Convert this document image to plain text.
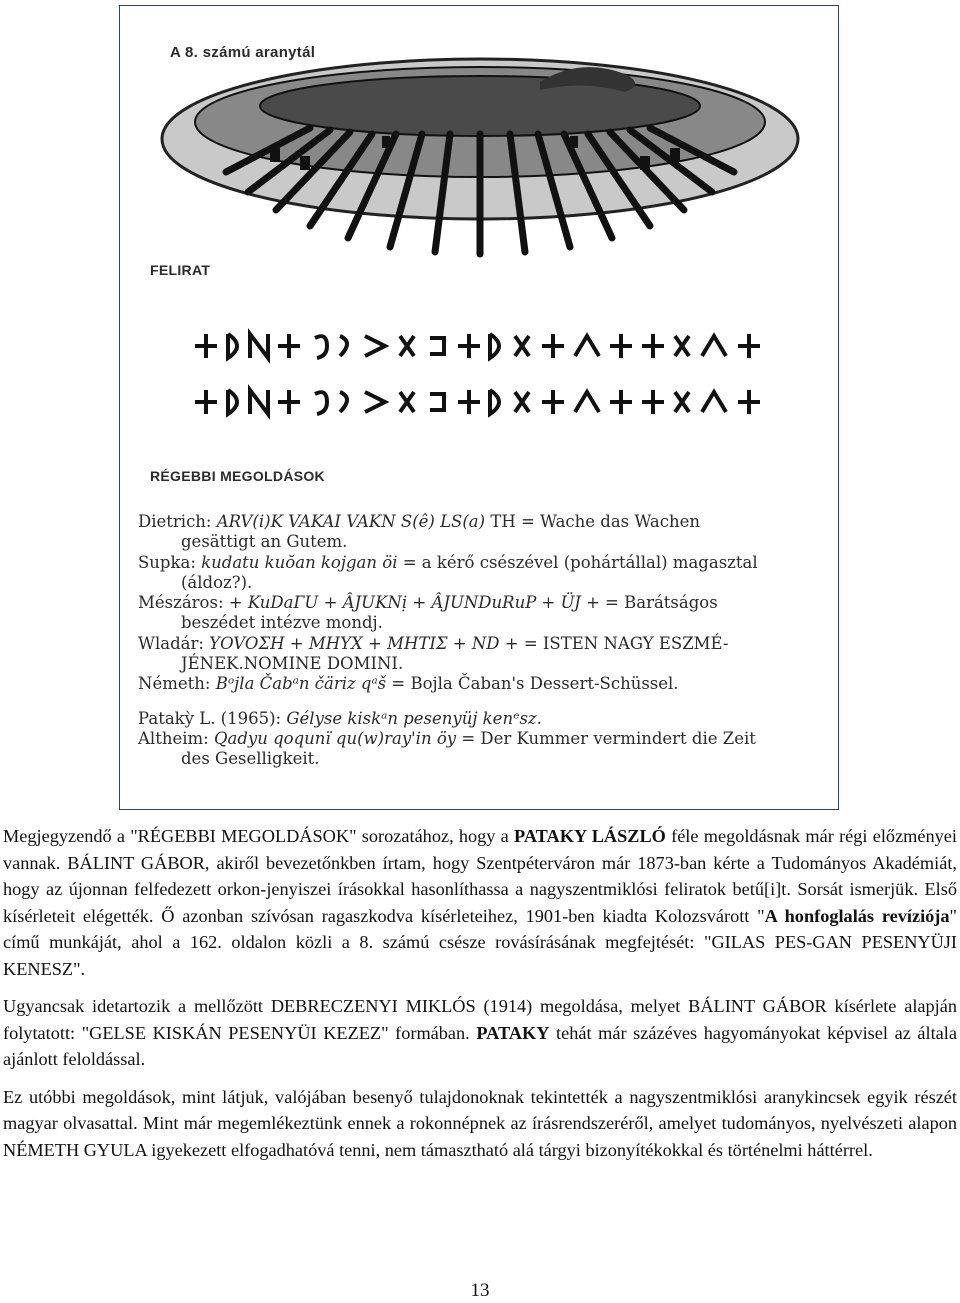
A 8. számú aranytál
FELIRAT
RÉGEBBI MEGOLDÁSOK
Dietrich: ARV(i)K VAKAI VAKN S(ê) LS(a) TH = Wache das Wachen
gesättigt an Gutem.
Supka: kudatu kuŏan kojgan öi = a kérő csészével (pohártállal) magasztal
(áldoz?).
Mészáros: + KuDaГU + ÂJUKNị + ÂJUNDuRuP + ÜJ + = Barátságos
beszédet intézve mondj.
Wladár: YOVOΣH + MHYX + MHTIΣ + ND + = ISTEN NAGY ESZMÉ-
JÉNEK.NOMINE DOMINI.
Németh: Bᵒjla Čabᵃn čäriz qᵃš = Bojla Čaban's Dessert-Schüssel.
Patakỳ L. (1965): Gélyse kiskᵃn pesenyüj kenᵉsz.
Altheim: Qadyu qoqunï qu(w)ray'in öy = Der Kummer vermindert die Zeit
des Geselligkeit.

Megjegyzendő a "RÉGEBBI MEGOLDÁSOK" sorozatához, hogy a PATAKY LÁSZLÓ féle megoldásnak már régi előzményei vannak. BÁLINT GÁBOR, akiről bevezetőnkben írtam, hogy Szentpéterváron már 1873-ban kérte a Tudományos Akadémiát, hogy az újonnan felfedezett orkon-jenyiszei írásokkal hasonlíthassa a nagyszentmiklósi feliratok betű[i]t. Sorsát ismerjük. Első kísérleteit elégették. Ő azonban szívósan ragaszkodva kísérleteihez, 1901-ben kiadta Kolozsvárott "A honfoglalás revíziója" című munkáját, ahol a 162. oldalon közli a 8. számú csésze rovásírásának megfejtését: "GILAS PES-GAN PESENYÜJI KENESZ".

Ugyancsak idetartozik a mellőzött DEBRECZENYI MIKLÓS (1914) megoldása, melyet BÁLINT GÁBOR kísérlete alapján folytatott: "GELSE KISKÁN PESENYÜI KEZEZ" formában. PATAKY tehát már százéves hagyományokat képvisel az általa ajánlott feloldással.

Ez utóbbi megoldások, mint látjuk, valójában besenyő tulajdonoknak tekintették a nagyszentmiklósi aranykincsek egyik részét magyar olvasattal. Mint már megemlékeztünk ennek a rokonnépnek az írásrendszeréről, amelyet tudományos, nyelvészeti alapon NÉMETH GYULA igyekezett elfogadhatóvá tenni, nem támasztható alá tárgyi bizonyítékokkal és történelmi háttérrel.

13
